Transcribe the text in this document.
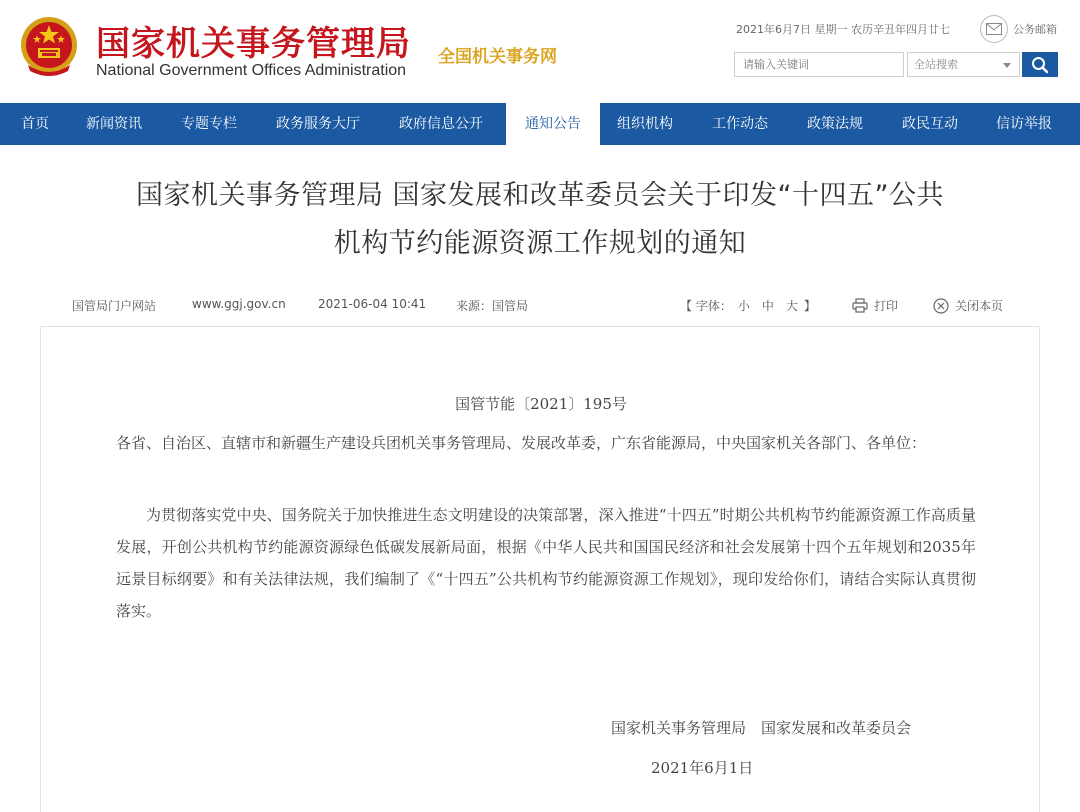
国家机关事务管理局
National Government Offices Administration
全国机关事务网
2021年6月7日 星期一 农历辛丑年四月廿七	公务邮箱
请输入关键词
全站搜索
首页	新闻资讯	专题专栏	政务服务大厅	政府信息公开	通知公告	组织机构	工作动态	政策法规	政民互动	信访举报
国家机关事务管理局 国家发展和改革委员会关于印发“十四五”公共
机构节约能源资源工作规划的通知
国管局门户网站	www.ggj.gov.cn	2021-06-04 10:41 来源：国管局	【 字体： 小 中 大 】	打印	关闭本页
国管节能〔2021〕195号
各省、自治区、直辖市和新疆生产建设兵团机关事务管理局、发展改革委，广东省能源局，中央国家机关各部门、各单位：
为贯彻落实党中央、国务院关于加快推进生态文明建设的决策部署，深入推进“十四五”时期公共机构节约能源资源工作高质量发展，开创公共机构节约能源资源绿色低碳发展新局面，根据《中华人民共和国国民经济和社会发展第十四个五年规划和2035年远景目标纲要》和有关法律法规，我们编制了《“十四五”公共机构节约能源资源工作规划》，现印发给你们，请结合实际认真贯彻落实。
国家机关事务管理局　国家发展和改革委员会
2021年6月1日
